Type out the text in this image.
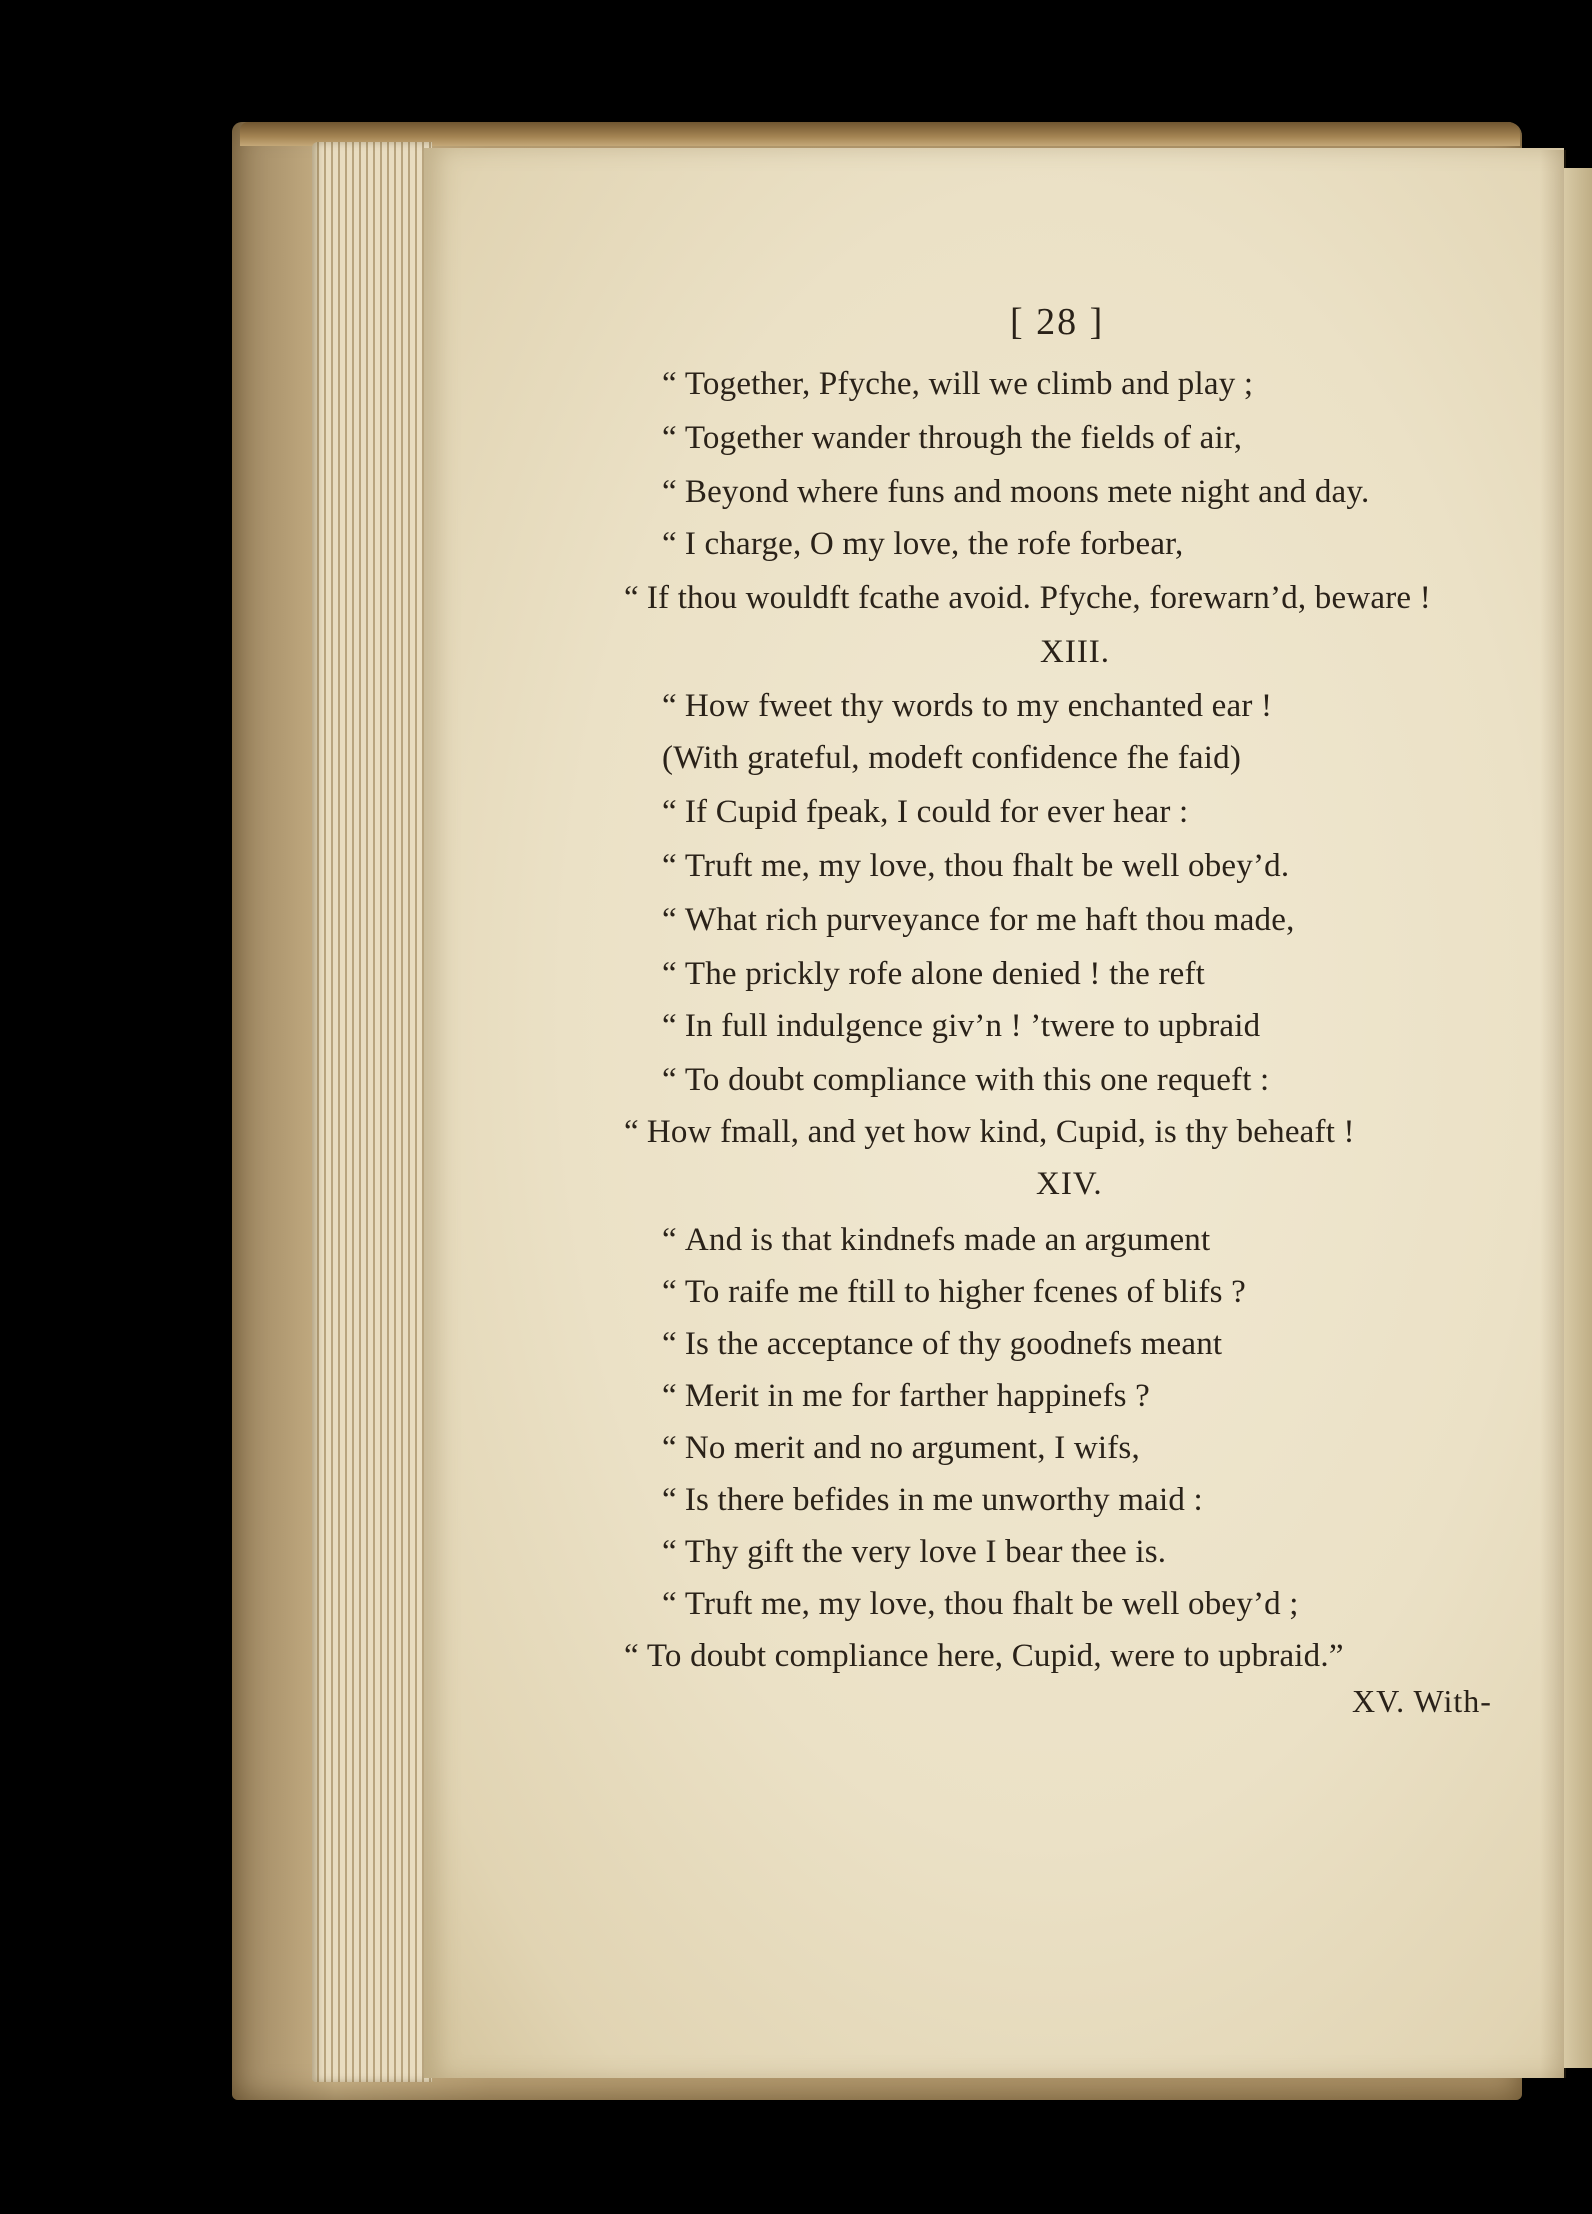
[ 28 ]
“ Together, Pfyche, will we climb and play ;
“ Together wander through the fields of air,
“ Beyond where funs and moons mete night and day.
“ I charge, O my love, the rofe forbear,
“ If thou wouldft fcathe avoid. Pfyche, forewarn’d, beware !
XIII.
“ How fweet thy words to my enchanted ear !
(With grateful, modeft confidence fhe faid)
“ If Cupid fpeak, I could for ever hear :
“ Truft me, my love, thou fhalt be well obey’d.
“ What rich purveyance for me haft thou made,
“ The prickly rofe alone denied ! the reft
“ In full indulgence giv’n ! ’twere to upbraid
“ To doubt compliance with this one requeft :
“ How fmall, and yet how kind, Cupid, is thy beheaft !
XIV.
“ And is that kindnefs made an argument
“ To raife me ftill to higher fcenes of blifs ?
“ Is the acceptance of thy goodnefs meant
“ Merit in me for farther happinefs ?
“ No merit and no argument, I wifs,
“ Is there befides in me unworthy maid :
“ Thy gift the very love I bear thee is.
“ Truft me, my love, thou fhalt be well obey’d ;
“ To doubt compliance here, Cupid, were to upbraid.”
XV. With-
